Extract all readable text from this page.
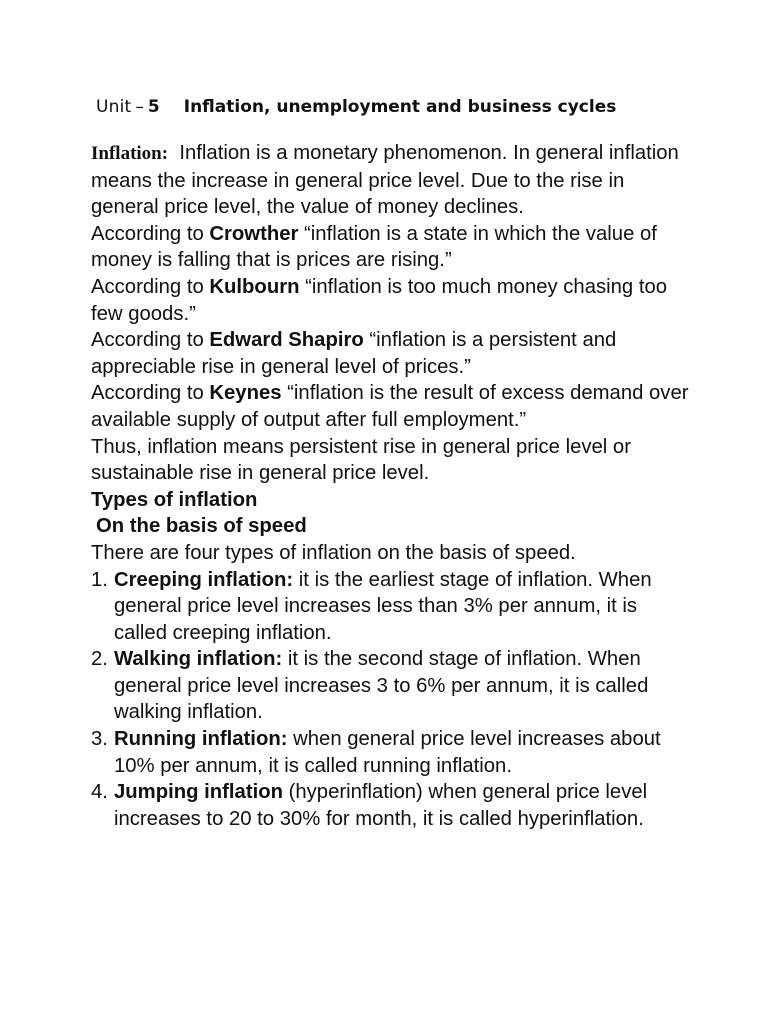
Unit – 5 Inflation, unemployment and business cycles

Inflation: Inflation is a monetary phenomenon. In general inflation means the increase in general price level. Due to the rise in general price level, the value of money declines.

According to Crowther “inflation is a state in which the value of money is falling that is prices are rising.”

According to Kulbourn “inflation is too much money chasing too few goods.”

According to Edward Shapiro “inflation is a persistent and appreciable rise in general level of prices.”

According to Keynes “inflation is the result of excess demand over available supply of output after full employment.”

Thus, inflation means persistent rise in general price level or sustainable rise in general price level.

Types of inflation

On the basis of speed

There are four types of inflation on the basis of speed.

1. Creeping inflation: it is the earliest stage of inflation. When general price level increases less than 3% per annum, it is called creeping inflation.
2. Walking inflation: it is the second stage of inflation. When general price level increases 3 to 6% per annum, it is called walking inflation.
3. Running inflation: when general price level increases about 10% per annum, it is called running inflation.
4. Jumping inflation (hyperinflation) when general price level increases to 20 to 30% for month, it is called hyperinflation.
